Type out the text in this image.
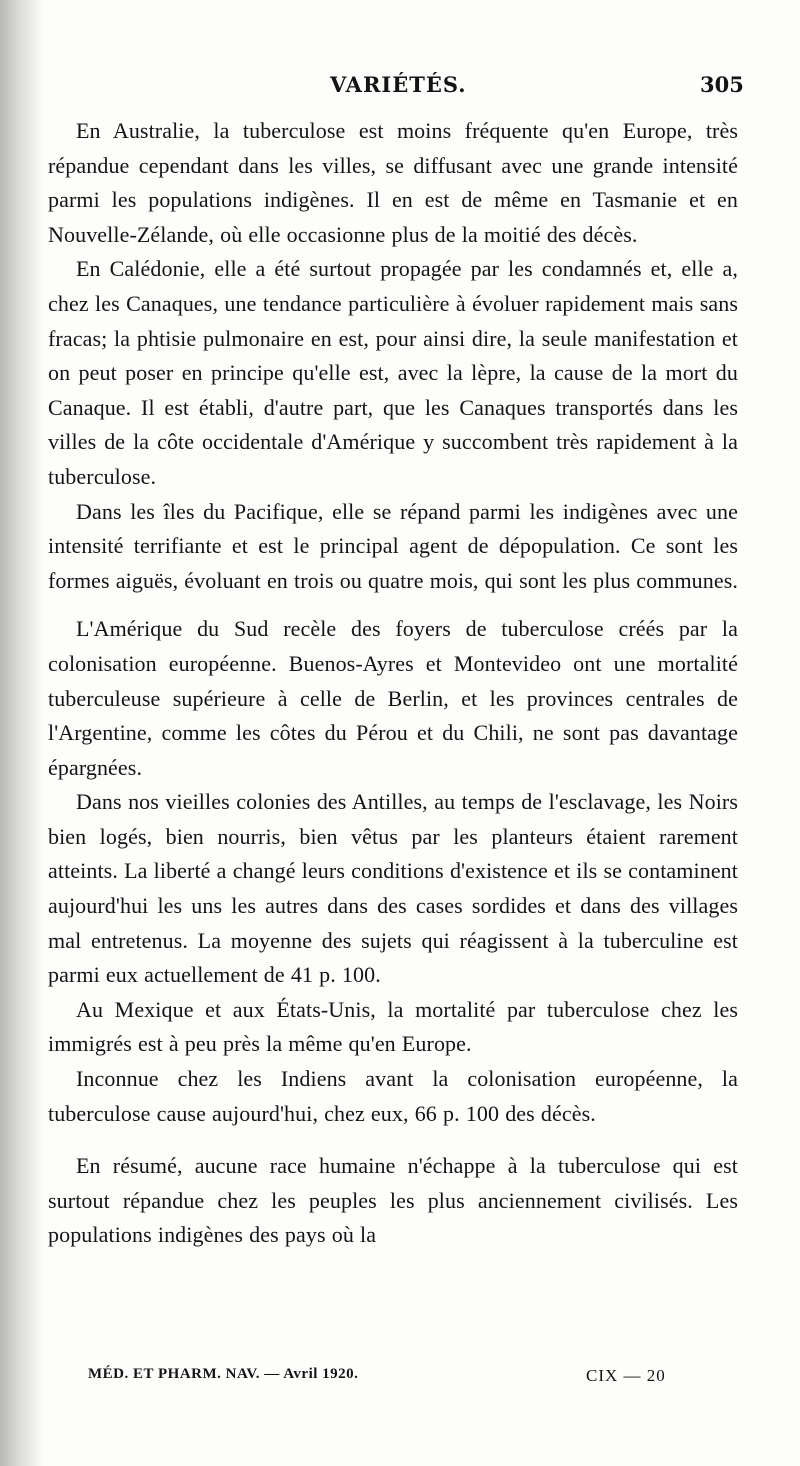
VARIÉTÉS.	305

En Australie, la tuberculose est moins fréquente qu'en Europe, très répandue cependant dans les villes, se diffusant avec une grande intensité parmi les populations indigènes. Il en est de même en Tasmanie et en Nouvelle-Zélande, où elle occasionne plus de la moitié des décès.

En Calédonie, elle a été surtout propagée par les condamnés et, elle a, chez les Canaques, une tendance particulière à évoluer rapidement mais sans fracas; la phtisie pulmonaire en est, pour ainsi dire, la seule manifestation et on peut poser en principe qu'elle est, avec la lèpre, la cause de la mort du Canaque. Il est établi, d'autre part, que les Canaques transportés dans les villes de la côte occidentale d'Amérique y succombent très rapidement à la tuberculose.

Dans les îles du Pacifique, elle se répand parmi les indigènes avec une intensité terrifiante et est le principal agent de dépopulation. Ce sont les formes aiguës, évoluant en trois ou quatre mois, qui sont les plus communes.

L'Amérique du Sud recèle des foyers de tuberculose créés par la colonisation européenne. Buenos-Ayres et Montevideo ont une mortalité tuberculeuse supérieure à celle de Berlin, et les provinces centrales de l'Argentine, comme les côtes du Pérou et du Chili, ne sont pas davantage épargnées.

Dans nos vieilles colonies des Antilles, au temps de l'esclavage, les Noirs bien logés, bien nourris, bien vêtus par les planteurs étaient rarement atteints. La liberté a changé leurs conditions d'existence et ils se contaminent aujourd'hui les uns les autres dans des cases sordides et dans des villages mal entretenus. La moyenne des sujets qui réagissent à la tuberculine est parmi eux actuellement de 41 p. 100.

Au Mexique et aux États-Unis, la mortalité par tuberculose chez les immigrés est à peu près la même qu'en Europe.

Inconnue chez les Indiens avant la colonisation européenne, la tuberculose cause aujourd'hui, chez eux, 66 p. 100 des décès.

En résumé, aucune race humaine n'échappe à la tuberculose qui est surtout répandue chez les peuples les plus anciennement civilisés. Les populations indigènes des pays où la

MÉD. ET PHARM. NAV. — Avril 1920.	CIX — 20
